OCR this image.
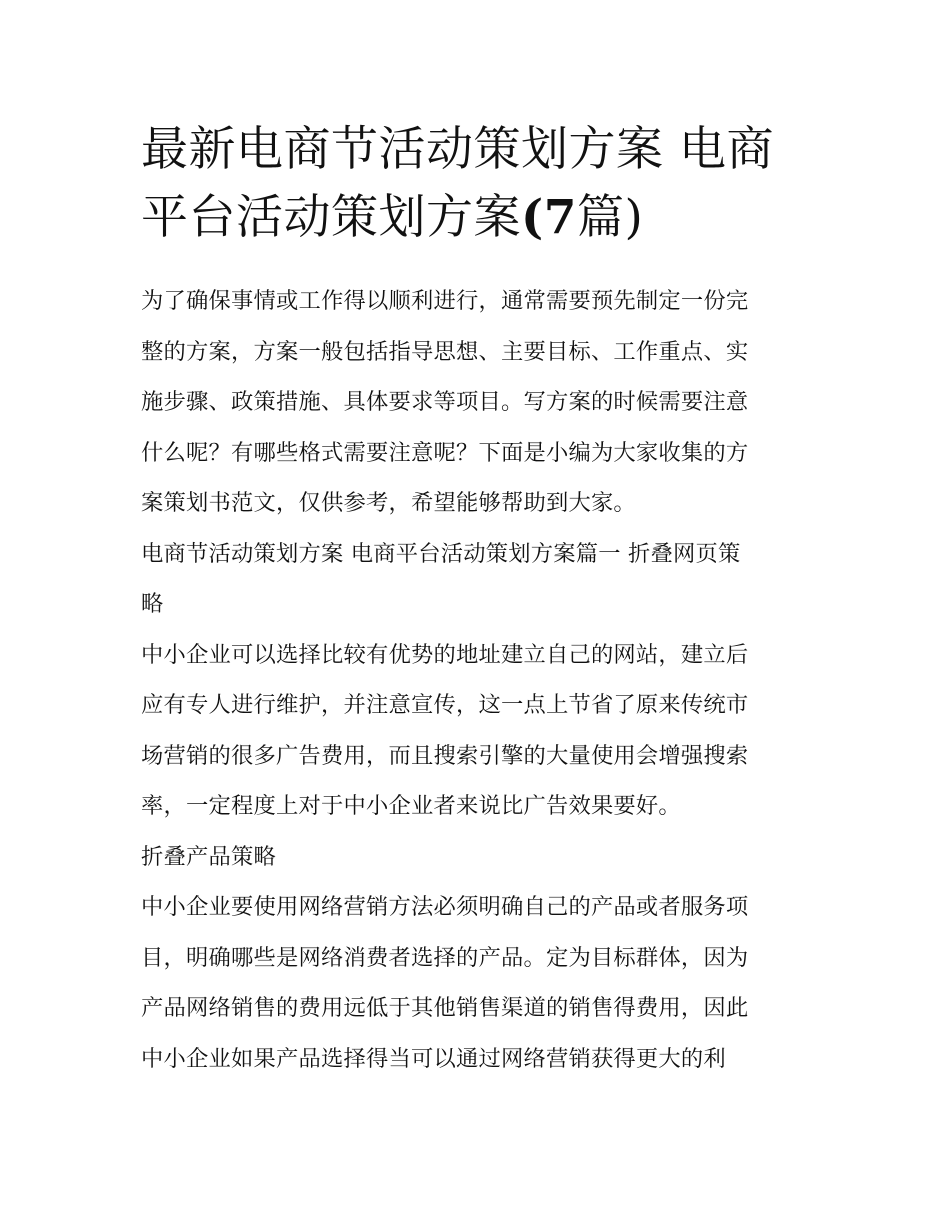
最新电商节活动策划方案 电商
平台活动策划方案(7篇)

为了确保事情或工作得以顺利进行，通常需要预先制定一份完
整的方案，方案一般包括指导思想、主要目标、工作重点、实
施步骤、政策措施、具体要求等项目。写方案的时候需要注意
什么呢？有哪些格式需要注意呢？下面是小编为大家收集的方
案策划书范文，仅供参考，希望能够帮助到大家。

电商节活动策划方案 电商平台活动策划方案篇一 折叠网页策
略

中小企业可以选择比较有优势的地址建立自己的网站，建立后
应有专人进行维护，并注意宣传，这一点上节省了原来传统市
场营销的很多广告费用，而且搜索引擎的大量使用会增强搜索
率，一定程度上对于中小企业者来说比广告效果要好。

折叠产品策略

中小企业要使用网络营销方法必须明确自己的产品或者服务项
目，明确哪些是网络消费者选择的产品。定为目标群体，因为
产品网络销售的费用远低于其他销售渠道的销售得费用，因此
中小企业如果产品选择得当可以通过网络营销获得更大的利
